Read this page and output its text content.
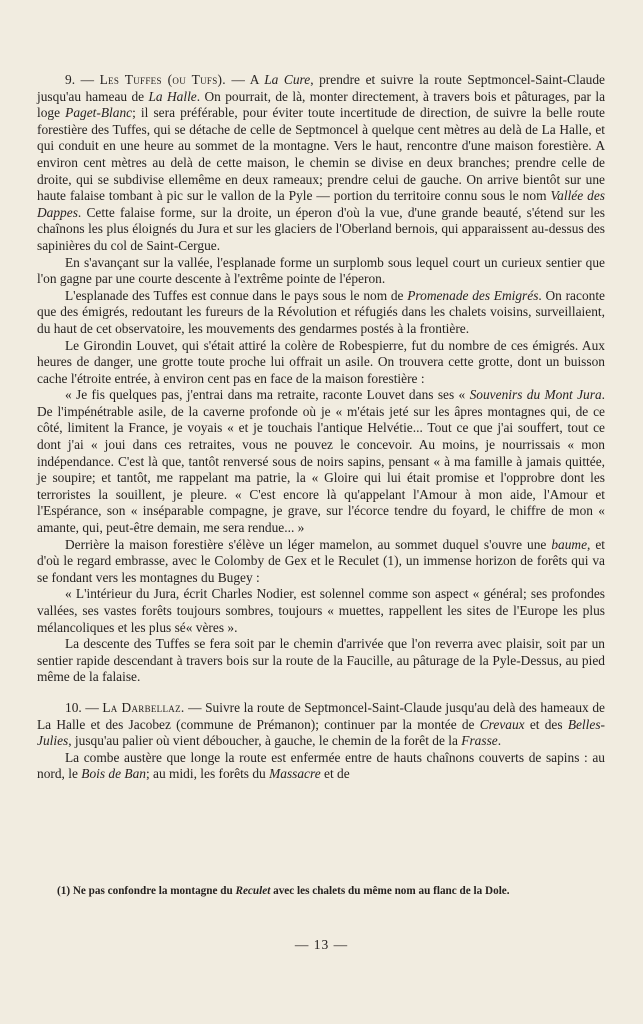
9. — Les Tuffes (ou Tufs). — A La Cure, prendre et suivre la route Septmoncel-Saint-Claude jusqu'au hameau de La Halle. On pourrait, de là, monter directement, à travers bois et pâturages, par la loge Paget-Blanc; il sera préférable, pour éviter toute incertitude de direction, de suivre la belle route forestière des Tuffes, qui se détache de celle de Septmoncel à quelque cent mètres au delà de La Halle, et qui conduit en une heure au sommet de la montagne. Vers le haut, rencontre d'une maison forestière. A environ cent mètres au delà de cette maison, le chemin se divise en deux branches; prendre celle de droite, qui se subdivise ellemême en deux rameaux; prendre celui de gauche. On arrive bientôt sur une haute falaise tombant à pic sur le vallon de la Pyle — portion du territoire connu sous le nom Vallée des Dappes. Cette falaise forme, sur la droite, un éperon d'où la vue, d'une grande beauté, s'étend sur les chaînons les plus éloignés du Jura et sur les glaciers de l'Oberland bernois, qui apparaissent au-dessus des sapinières du col de Saint-Cergue.

En s'avançant sur la vallée, l'esplanade forme un surplomb sous lequel court un curieux sentier que l'on gagne par une courte descente à l'extrême pointe de l'éperon.

L'esplanade des Tuffes est connue dans le pays sous le nom de Promenade des Emigrés. On raconte que des émigrés, redoutant les fureurs de la Révolution et réfugiés dans les chalets voisins, surveillaient, du haut de cet observatoire, les mouvements des gendarmes postés à la frontière.

Le Girondin Louvet, qui s'était attiré la colère de Robespierre, fut du nombre de ces émigrés. Aux heures de danger, une grotte toute proche lui offrait un asile. On trouvera cette grotte, dont un buisson cache l'étroite entrée, à environ cent pas en face de la maison forestière :

« Je fis quelques pas, j'entrai dans ma retraite, raconte Louvet dans ses « Souvenirs du Mont Jura. De l'impénétrable asile, de la caverne profonde où je « m'étais jeté sur les âpres montagnes qui, de ce côté, limitent la France, je voyais « et je touchais l'antique Helvétie... Tout ce que j'ai souffert, tout ce dont j'ai « joui dans ces retraites, vous ne pouvez le concevoir. Au moins, je nourrissais « mon indépendance. C'est là que, tantôt renversé sous de noirs sapins, pensant « à ma famille à jamais quittée, je soupire; et tantôt, me rappelant ma patrie, la « Gloire qui lui était promise et l'opprobre dont les terroristes la souillent, je pleure. « C'est encore là qu'appelant l'Amour à mon aide, l'Amour et l'Espérance, son « inséparable compagne, je grave, sur l'écorce tendre du foyard, le chiffre de mon « amante, qui, peut-être demain, me sera rendue... »

Derrière la maison forestière s'élève un léger mamelon, au sommet duquel s'ouvre une baume, et d'où le regard embrasse, avec le Colomby de Gex et le Reculet (1), un immense horizon de forêts qui va se fondant vers les montagnes du Bugey :

« L'intérieur du Jura, écrit Charles Nodier, est solennel comme son aspect « général; ses profondes vallées, ses vastes forêts toujours sombres, toujours « muettes, rappellent les sites de l'Europe les plus mélancoliques et les plus sé« vères ».

La descente des Tuffes se fera soit par le chemin d'arrivée que l'on reverra avec plaisir, soit par un sentier rapide descendant à travers bois sur la route de la Faucille, au pâturage de la Pyle-Dessus, au pied même de la falaise.

10. — La Darbellaz. — Suivre la route de Septmoncel-Saint-Claude jusqu'au delà des hameaux de La Halle et des Jacobez (commune de Prémanon); continuer par la montée de Crevaux et des Belles-Julies, jusqu'au palier où vient déboucher, à gauche, le chemin de la forêt de la Frasse.

La combe austère que longe la route est enfermée entre de hauts chaînons couverts de sapins : au nord, le Bois de Ban; au midi, les forêts du Massacre et de

(1) Ne pas confondre la montagne du Reculet avec les chalets du même nom au flanc de la Dole.

— 13 —
